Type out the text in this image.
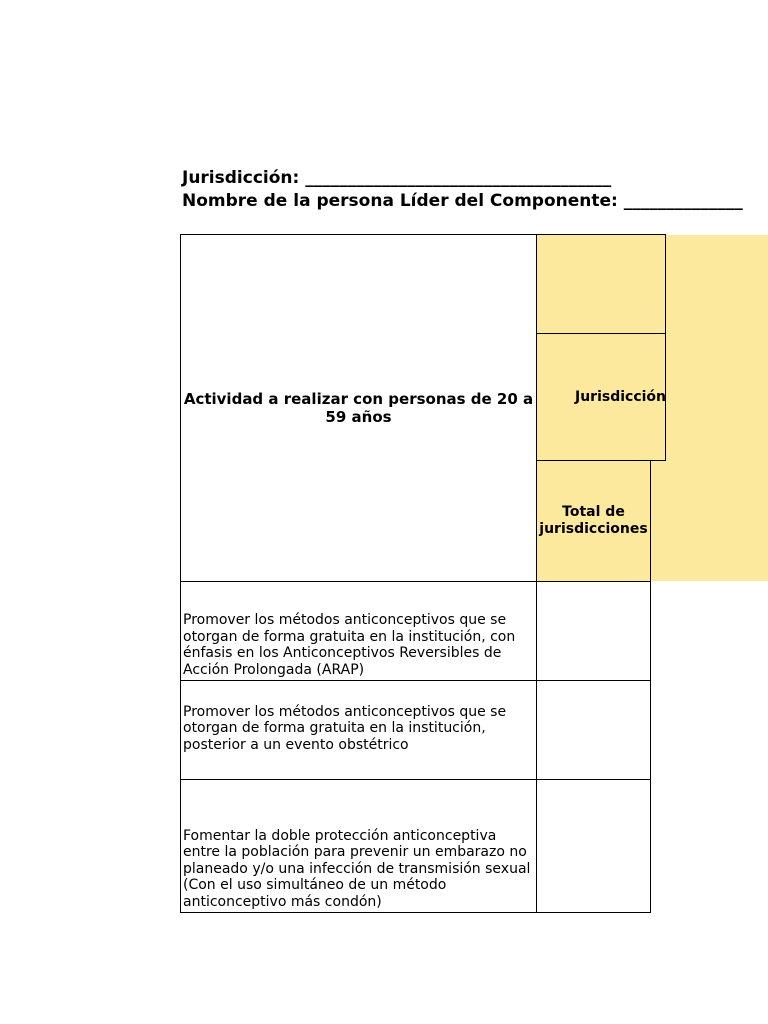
Jurisdicción: ____________________________________
Nombre de la persona Líder del Componente: ______________
Actividad a realizar con personas de 20 a
59 años
Jurisdicción
Total de
jurisdicciones
Promover los métodos anticonceptivos que se otorgan de forma gratuita en la institución, con énfasis en los Anticonceptivos Reversibles de Acción Prolongada (ARAP)
Promover los métodos anticonceptivos que se otorgan de forma gratuita en la institución, posterior a un evento obstétrico
Fomentar la doble protección anticonceptiva entre la población para prevenir un embarazo no planeado y/o una infección de transmisión sexual (Con el uso simultáneo de un método anticonceptivo más condón)
